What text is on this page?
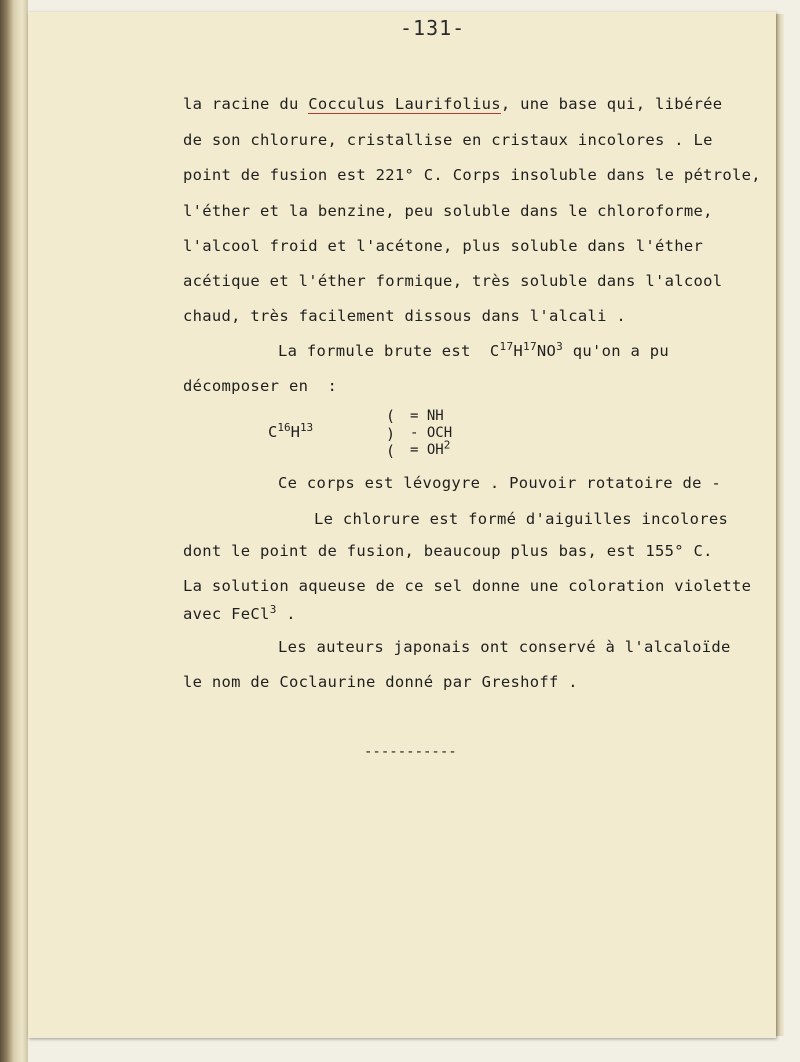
-131-
la racine du Cocculus Laurifolius, une base qui, libérée
de son chlorure, cristallise en cristaux incolores . Le
point de fusion est 221° C. Corps insoluble dans le pétrole,
l'éther et la benzine, peu soluble dans le chloroforme,
l'alcool froid et l'acétone, plus soluble dans l'éther
acétique et l'éther formique, très soluble dans l'alcool
chaud, très facilement dissous dans l'alcali .
La formule brute est  $C^{17}H^{17}NO^3$ qu'on a pu
décomposer en  :
$C^{16}H^{13}$
(
)
(
= NH
- OCH
= $OH^2$
Ce corps est lévogyre . Pouvoir rotatoire de -
Le chlorure est formé d'aiguilles incolores
dont le point de fusion, beaucoup plus bas, est 155° C.
La solution aqueuse de ce sel donne une coloration violette
avec FeCl$^3$ .
Les auteurs japonais ont conservé à l'alcaloïde
le nom de Coclaurine donné par Greshoff .
-----------
